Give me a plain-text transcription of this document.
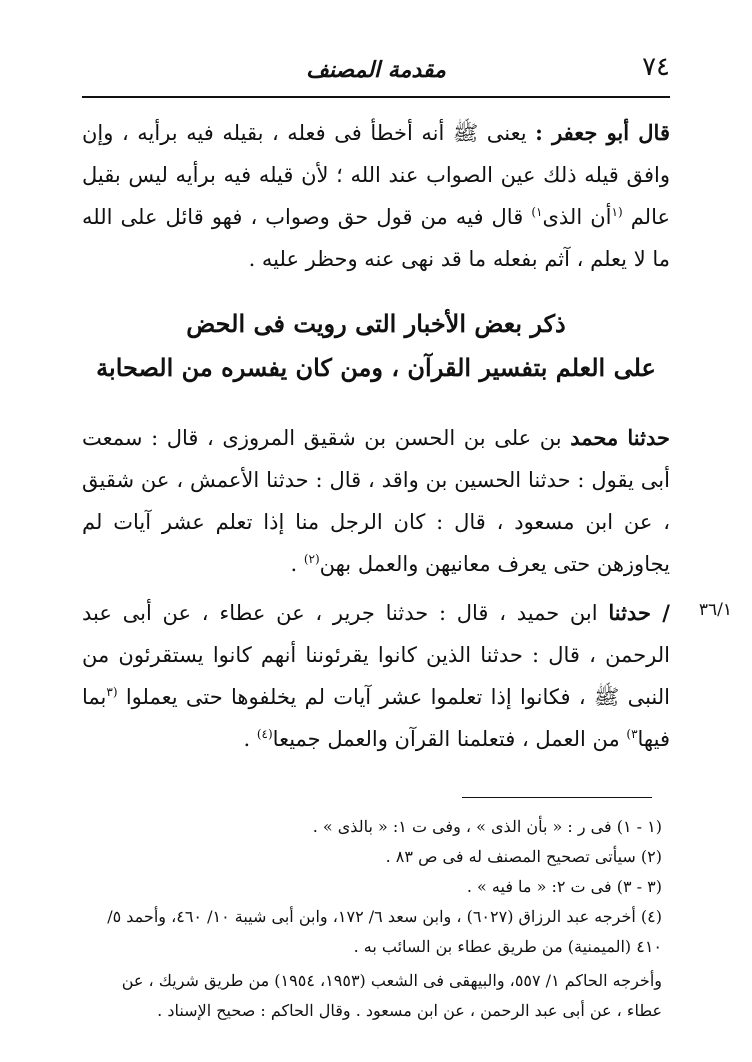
٧٤
مقدمة المصنف

قال أبو جعفر : يعنى ﷺ أنه أخطأ فى فعله ، بقيله فيه برأيه ، وإن وافق قيله ذلك عين الصواب عند الله ؛ لأن قيله فيه برأيه ليس بقيل عالم $^{(١}$أن الذى$^{١)}$ قال فيه من قول حق وصواب ، فهو قائل على الله ما لا يعلم ، آثم بفعله ما قد نهى عنه وحظر عليه .

ذكر بعض الأخبار التى رويت فى الحض
على العلم بتفسير القرآن ، ومن كان يفسره من الصحابة

حدثنا محمد بن على بن الحسن بن شقيق المروزى ، قال : سمعت أبى يقول : حدثنا الحسين بن واقد ، قال : حدثنا الأعمش ، عن شقيق ، عن ابن مسعود ، قال : كان الرجل منا إذا تعلم عشر آيات لم يجاوزهن حتى يعرف معانيهن والعمل بهن$^{(٢)}$ .

٣٦/١

/ حدثنا ابن حميد ، قال : حدثنا جرير ، عن عطاء ، عن أبى عبد الرحمن ، قال : حدثنا الذين كانوا يقرئوننا أنهم كانوا يستقرئون من النبى ﷺ ، فكانوا إذا تعلموا عشر آيات لم يخلفوها حتى يعملوا $^{(٣}$بما فيها$^{٣)}$ من العمل ، فتعلمنا القرآن والعمل جميعا$^{(٤)}$ .

(١ - ١) فى ر : « بأن الذى » ، وفى ت ١: « بالذى » .
(٢) سيأتى تصحيح المصنف له فى ص ٨٣ .
(٣ - ٣) فى ت ٢: « ما فيه » .
(٤) أخرجه عبد الرزاق (٦٠٢٧) ، وابن سعد ٦/ ١٧٢، وابن أبى شيبة ١٠/ ٤٦٠، وأحمد ٥/ ٤١٠ (الميمنية) من طريق عطاء بن السائب به .
وأخرجه الحاكم ١/ ٥٥٧، والبيهقى فى الشعب (١٩٥٣، ١٩٥٤) من طريق شريك ، عن عطاء ، عن أبى عبد الرحمن ، عن ابن مسعود . وقال الحاكم : صحيح الإسناد .
